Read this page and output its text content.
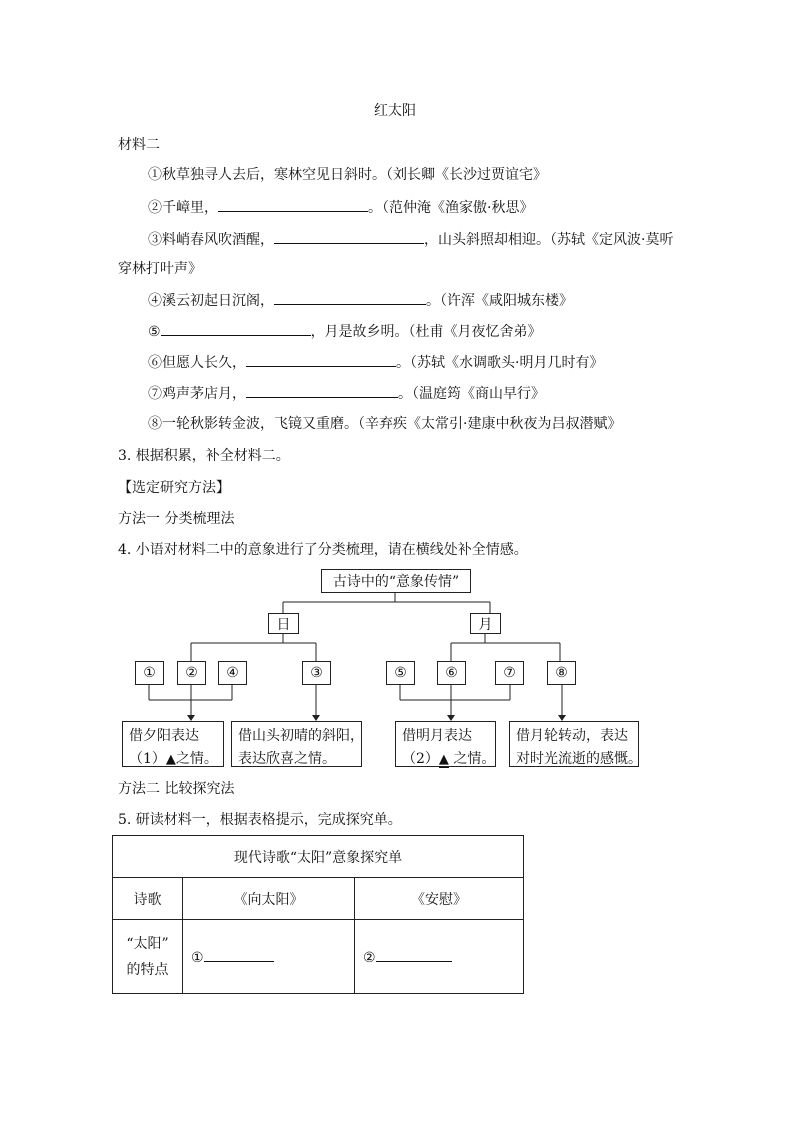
红太阳
材料二
①秋草独寻人去后，寒林空见日斜时。（刘长卿《长沙过贾谊宅》
②千嶂里，	。（范仲淹《渔家傲·秋思》
③料峭春风吹酒醒，	，山头斜照却相迎。（苏轼《定风波·莫听
穿林打叶声》
④溪云初起日沉阁，	。（许浑《咸阳城东楼》
⑤	，月是故乡明。（杜甫《月夜忆舍弟》
⑥但愿人长久，	。（苏轼《水调歌头·明月几时有》
⑦鸡声茅店月，	。（温庭筠《商山早行》
⑧一轮秋影转金波，飞镜又重磨。（辛弃疾《太常引·建康中秋夜为吕叔潜赋》
3. 根据积累，补全材料二。
【选定研究方法】
方法一 分类梳理法
4. 小语对材料二中的意象进行了分类梳理，请在横线处补全情感。
古诗中的“意象传情”
日	月
①	②	④	③	⑤	⑥	⑦	⑧
借夕阳表达
（1）▲之情。
借山头初晴的斜阳，
表达欣喜之情。
借明月表达
（2）▲ 之情。
借月轮转动，表达
对时光流逝的感慨。
方法二 比较探究法
5. 研读材料一，根据表格提示，完成探究单。
现代诗歌“太阳”意象探究单		
诗歌	《向太阳》	《安慰》

“太阳”
的特点	①	②
